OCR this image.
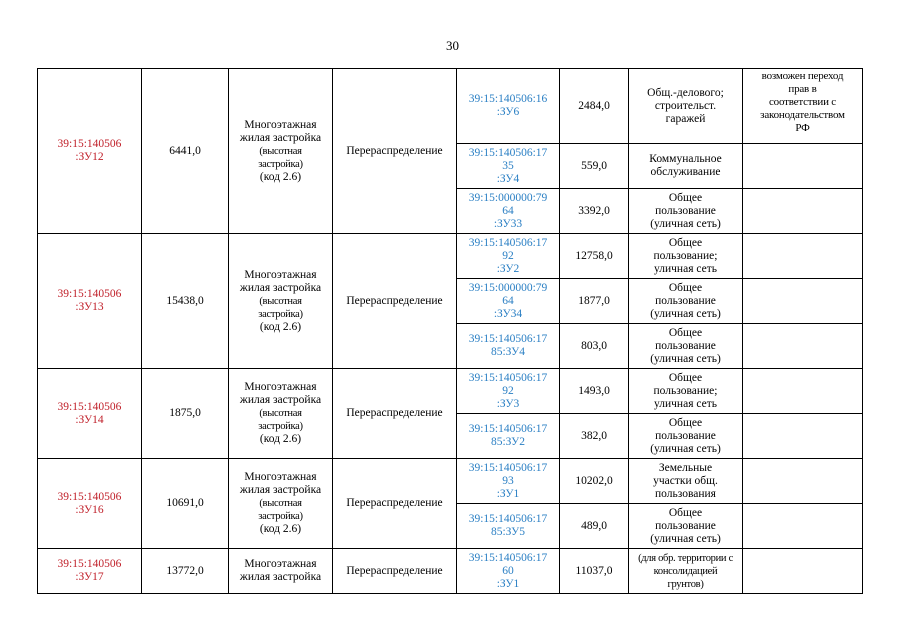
30
39:15:140506
:ЗУ12	6441,0	Многоэтажная
жилая застройка
(высотная
застройка)
(код 2.6)	Перераспределение	39:15:140506:16
:ЗУ6	2484,0	Общ.-делового;
строительст.
гаражей	возможен переход
прав в
соответствии с
законодательством
РФ
				39:15:140506:17
35
:ЗУ4	559,0	Коммунальное
обслуживание	
				39:15:000000:79
64
:ЗУ33	3392,0	Общее
пользование
(уличная сеть)	
39:15:140506
:ЗУ13	15438,0	Многоэтажная
жилая застройка
(высотная
застройка)
(код 2.6)	Перераспределение	39:15:140506:17
92
:ЗУ2	12758,0	Общее
пользование;
уличная сеть	
				39:15:000000:79
64
:ЗУ34	1877,0	Общее
пользование
(уличная сеть)	
				39:15:140506:17
85:ЗУ4	803,0	Общее
пользование
(уличная сеть)	
39:15:140506
:ЗУ14	1875,0	Многоэтажная
жилая застройка
(высотная
застройка)
(код 2.6)	Перераспределение	39:15:140506:17
92
:ЗУ3	1493,0	Общее
пользование;
уличная сеть	
				39:15:140506:17
85:ЗУ2	382,0	Общее
пользование
(уличная сеть)	
39:15:140506
:ЗУ16	10691,0	Многоэтажная
жилая застройка
(высотная
застройка)
(код 2.6)	Перераспределение	39:15:140506:17
93
:ЗУ1	10202,0	Земельные
участки общ.
пользования	
				39:15:140506:17
85:ЗУ5	489,0	Общее
пользование
(уличная сеть)	
39:15:140506
:ЗУ17	13772,0	Многоэтажная
жилая застройка	Перераспределение	39:15:140506:17
60
:ЗУ1	11037,0	(для обр. территории с
консолидацией
грунтов)	
